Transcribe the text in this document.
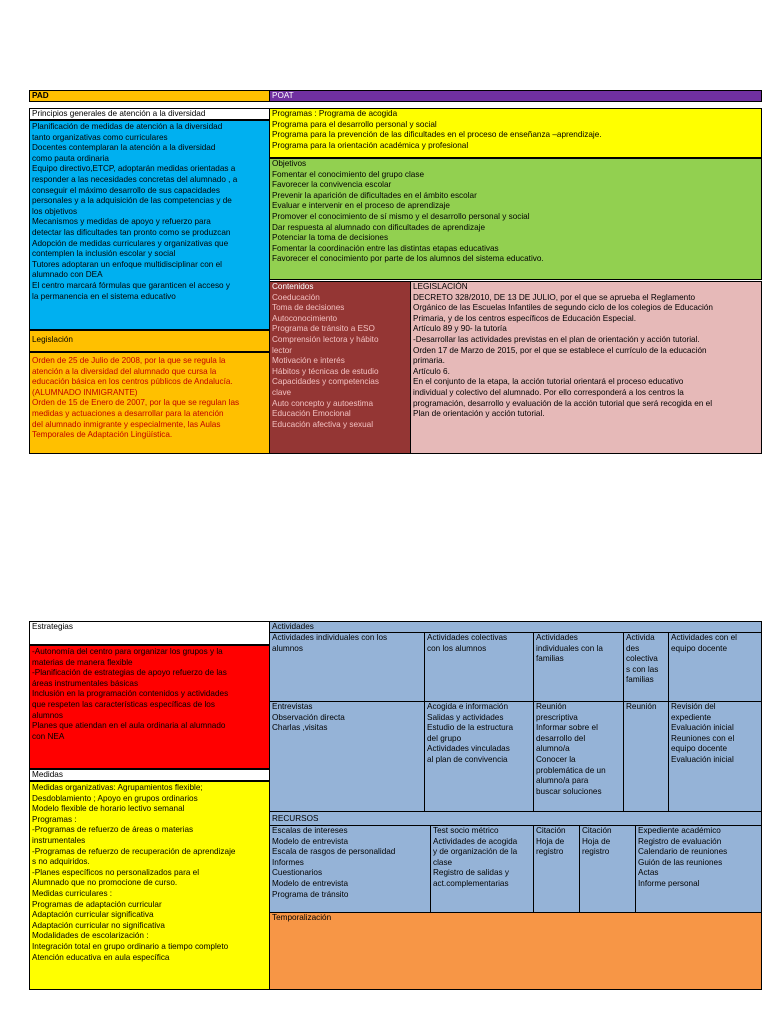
PAD	POAT
Principios generales de atención a la diversidad
Planificación de medidas de atención a la diversidad
tanto organizativas como curriculares
Docentes contemplaran la atención a la diversidad
como pauta ordinaria
Equipo directivo,ETCP, adoptarán medidas orientadas a
responder a las necesidades concretas del alumnado , a
conseguir el máximo desarrollo de sus capacidades
personales y a la adquisición de las competencias y de
los objetivos
Mecanismos y medidas de apoyo y refuerzo para
detectar las dificultades tan pronto como se produzcan
Adopción de medidas curriculares y organizativas que
contemplen la inclusión escolar y social
Tutores adoptaran un enfoque multidisciplinar con el
alumnado con DEA
El centro marcará fórmulas que garanticen el acceso y
la permanencia en el sistema educativo
Legislación
Orden de 25 de Julio de 2008, por la que se regula la
atención a la diversidad del alumnado que cursa la
educación básica en los centros públicos de Andalucía.
(ALUMNADO INMIGRANTE)
Orden de 15 de Enero de 2007, por la que se regulan las
medidas y actuaciones a desarrollar para la atención
del alumnado inmigrante y especialmente, las Aulas
Temporales de Adaptación Lingüística.
Programas : Programa de acogida
Programa para el desarrollo personal y social
Programa para la prevención de las dificultades en el proceso de enseñanza –aprendizaje.
Programa para la orientación académica y profesional
Objetivos
Fomentar el conocimiento del grupo clase
Favorecer la convivencia escolar
Prevenir la aparición de dificultades en el ámbito escolar
Evaluar e intervenir en el proceso de aprendizaje
Promover el conocimiento de sí mismo y el desarrollo personal y social
Dar respuesta al alumnado con dificultades de aprendizaje
Potenciar la toma de decisiones
Fomentar la coordinación entre las distintas etapas educativas
Favorecer el conocimiento por parte de los alumnos del sistema educativo.
Contenidos
Coeducación
Toma de decisiones
Autoconocimiento
Programa de tránsito a ESO
Comprensión lectora y hábito
lector
Motivación e interés
Hábitos y técnicas de estudio
Capacidades y competencias
clave
Auto concepto y autoestima
Educación Emocional
Educación afectiva y sexual
LEGISLACIÓN
DECRETO 328/2010, DE 13 DE JULIO, por el que se aprueba el Reglamento
Orgánico de las Escuelas Infantiles de segundo ciclo de los colegios de Educación
Primaria, y de los centros específicos de Educación Especial.
Artículo 89 y 90- la tutoría
-Desarrollar las actividades previstas en el plan de orientación y acción tutorial.
Orden 17 de Marzo de 2015, por el que se establece el currículo de la educación
primaria.
Artículo 6.
En el conjunto de la etapa, la acción tutorial orientará el proceso educativo
individual y colectivo del alumnado. Por ello corresponderá a los centros la
programación, desarrollo y evaluación de la acción tutorial que será recogida en el
Plan de orientación y acción tutorial.
Estrategias
-Autonomía del centro para organizar los grupos y la
materias de manera flexible
-Planificación de estrategias de apoyo refuerzo de las
áreas instrumentales básicas
Inclusión en la programación contenidos y actividades
que respeten las características específicas de los
alumnos
Planes que atiendan en el aula ordinaria al alumnado
con NEA
Medidas
Medidas organizativas: Agrupamientos flexible;
Desdoblamiento ; Apoyo en grupos ordinarios
Modelo flexible de horario lectivo semanal
Programas :
-Programas de refuerzo de áreas o materias
instrumentales
-Programas de refuerzo de recuperación de aprendizaje
s no adquiridos.
-Planes específicos no personalizados para el
Alumnado que no promocione de curso.
Medidas curriculares :
Programas de adaptación curricular
Adaptación curricular significativa
Adaptación curricular no significativa
Modalidades de escolarización :
Integración total en grupo ordinario a tiempo completo
Atención educativa en aula específica
Actividades
Actividades individuales con los
alumnos
Actividades colectivas
con los alumnos
Actividades
individuales con la
familias
Activida
des
colectiva
s con las
familias
Actividades con el
equipo docente
Entrevistas
Observación directa
Charlas ,visitas
Acogida e información
Salidas y actividades
Estudio de la estructura
del grupo
Actividades vinculadas
al plan de convivencia
Reunión
prescriptiva
Informar sobre el
desarrollo del
alumno/a
Conocer la
problemática de un
alumno/a para
buscar soluciones
Reunión	Revisión del
expediente
Evaluación inicial
Reuniones con el
equipo docente
Evaluación inicial
RECURSOS
Escalas de intereses
Modelo de entrevista
Escala de rasgos de personalidad
Informes
Cuestionarios
Modelo de entrevista
Programa de tránsito
Test socio métrico
Actividades de acogida
y de organización de la
clase
Registro de salidas y
act.complementarias
Citación
Hoja de
registro
Citación
Hoja de
registro
Expediente académico
Registro de evaluación
Calendario de reuniones
Guión de las reuniones
Actas
Informe personal
Temporalización
